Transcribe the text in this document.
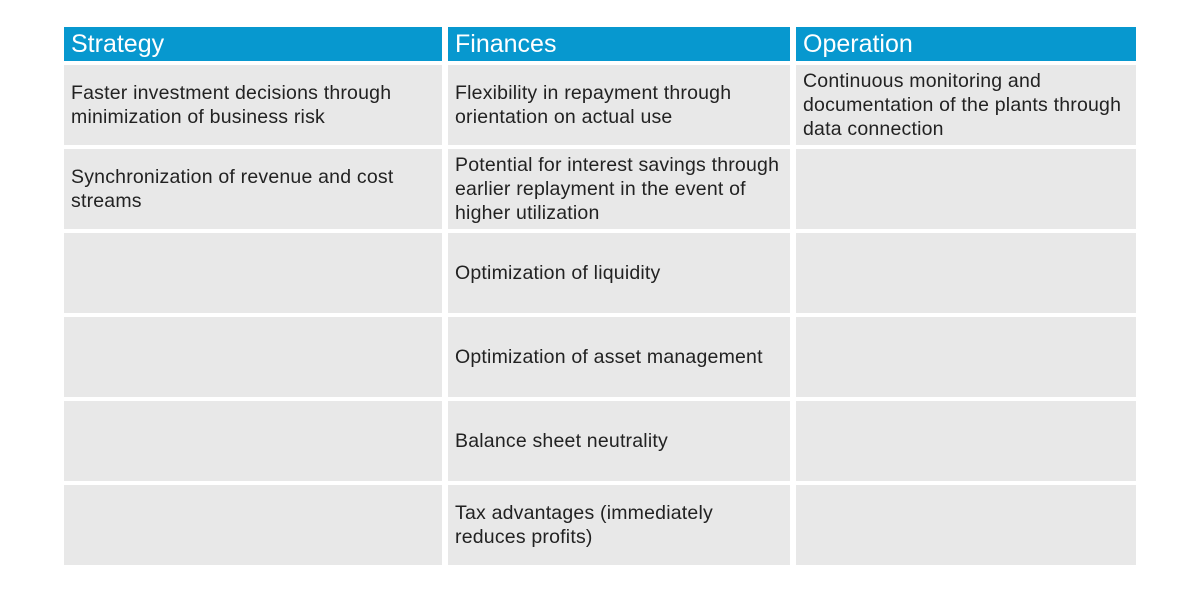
Strategy	Finances	Operation
Faster investment decisions through minimization of business risk
Flexibility in repayment through orientation on actual use
Continuous monitoring and documentation of the plants through data connection
Synchronization of revenue and cost streams
Potential for interest savings through earlier replayment in the event of higher utilization
Optimization of liquidity
Optimization of asset management
Balance sheet neutrality
Tax advantages (immediately reduces profits)
